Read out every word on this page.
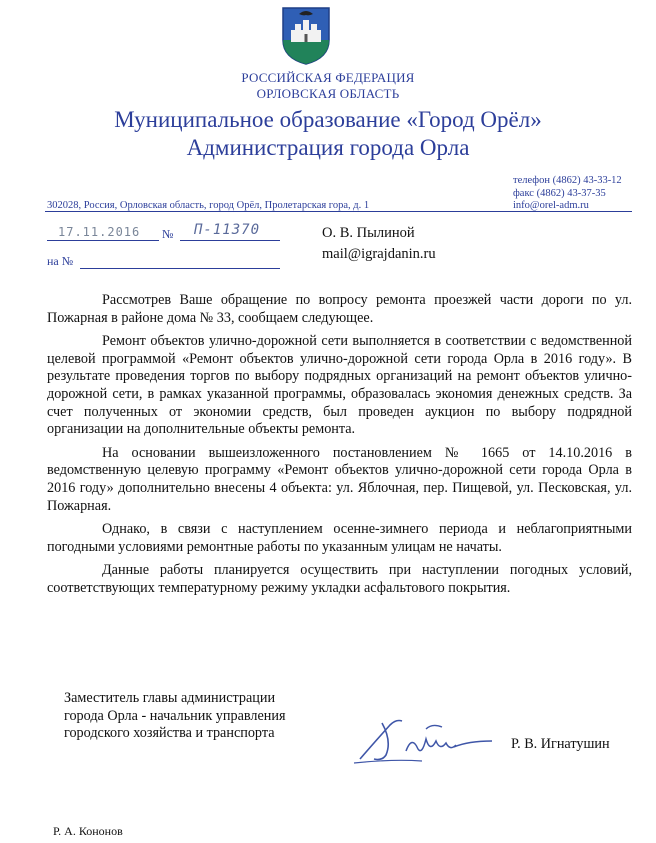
РОССИЙСКАЯ ФЕДЕРАЦИЯ
ОРЛОВСКАЯ ОБЛАСТЬ
Муниципальное образование «Город Орёл»
Администрация города Орла
телефон (4862) 43-33-12
факс (4862) 43-37-35
info@orel-adm.ru
302028, Россия, Орловская область, город Орёл, Пролетарская гора, д. 1
17.11.2016 № П-11370
на №
О. В. Пылиной
mail@igrajdanin.ru

Рассмотрев Ваше обращение по вопросу ремонта проезжей части дороги по ул. Пожарная в районе дома № 33, сообщаем следующее.

Ремонт объектов улично-дорожной сети выполняется в соответствии с ведомственной целевой программой «Ремонт объектов улично-дорожной сети города Орла в 2016 году». В результате проведения торгов по выбору подрядных организаций на ремонт объектов улично-дорожной сети, в рамках указанной программы, образовалась экономия денежных средств. За счет полученных от экономии средств, был проведен аукцион по выбору подрядной организации на дополнительные объекты ремонта.

На основании вышеизложенного постановлением № 1665 от 14.10.2016 в ведомственную целевую программу «Ремонт объектов улично-дорожной сети города Орла в 2016 году» дополнительно внесены 4 объекта: ул. Яблочная, пер. Пищевой, ул. Песковская, ул. Пожарная.

Однако, в связи с наступлением осенне-зимнего периода и неблагоприятными погодными условиями ремонтные работы по указанным улицам не начаты.

Данные работы планируется осуществить при наступлении погодных условий, соответствующих температурному режиму укладки асфальтового покрытия.

Заместитель главы администрации
города Орла - начальник управления
городского хозяйства и транспорта
Р. В. Игнатушин
Р. А. Кононов
